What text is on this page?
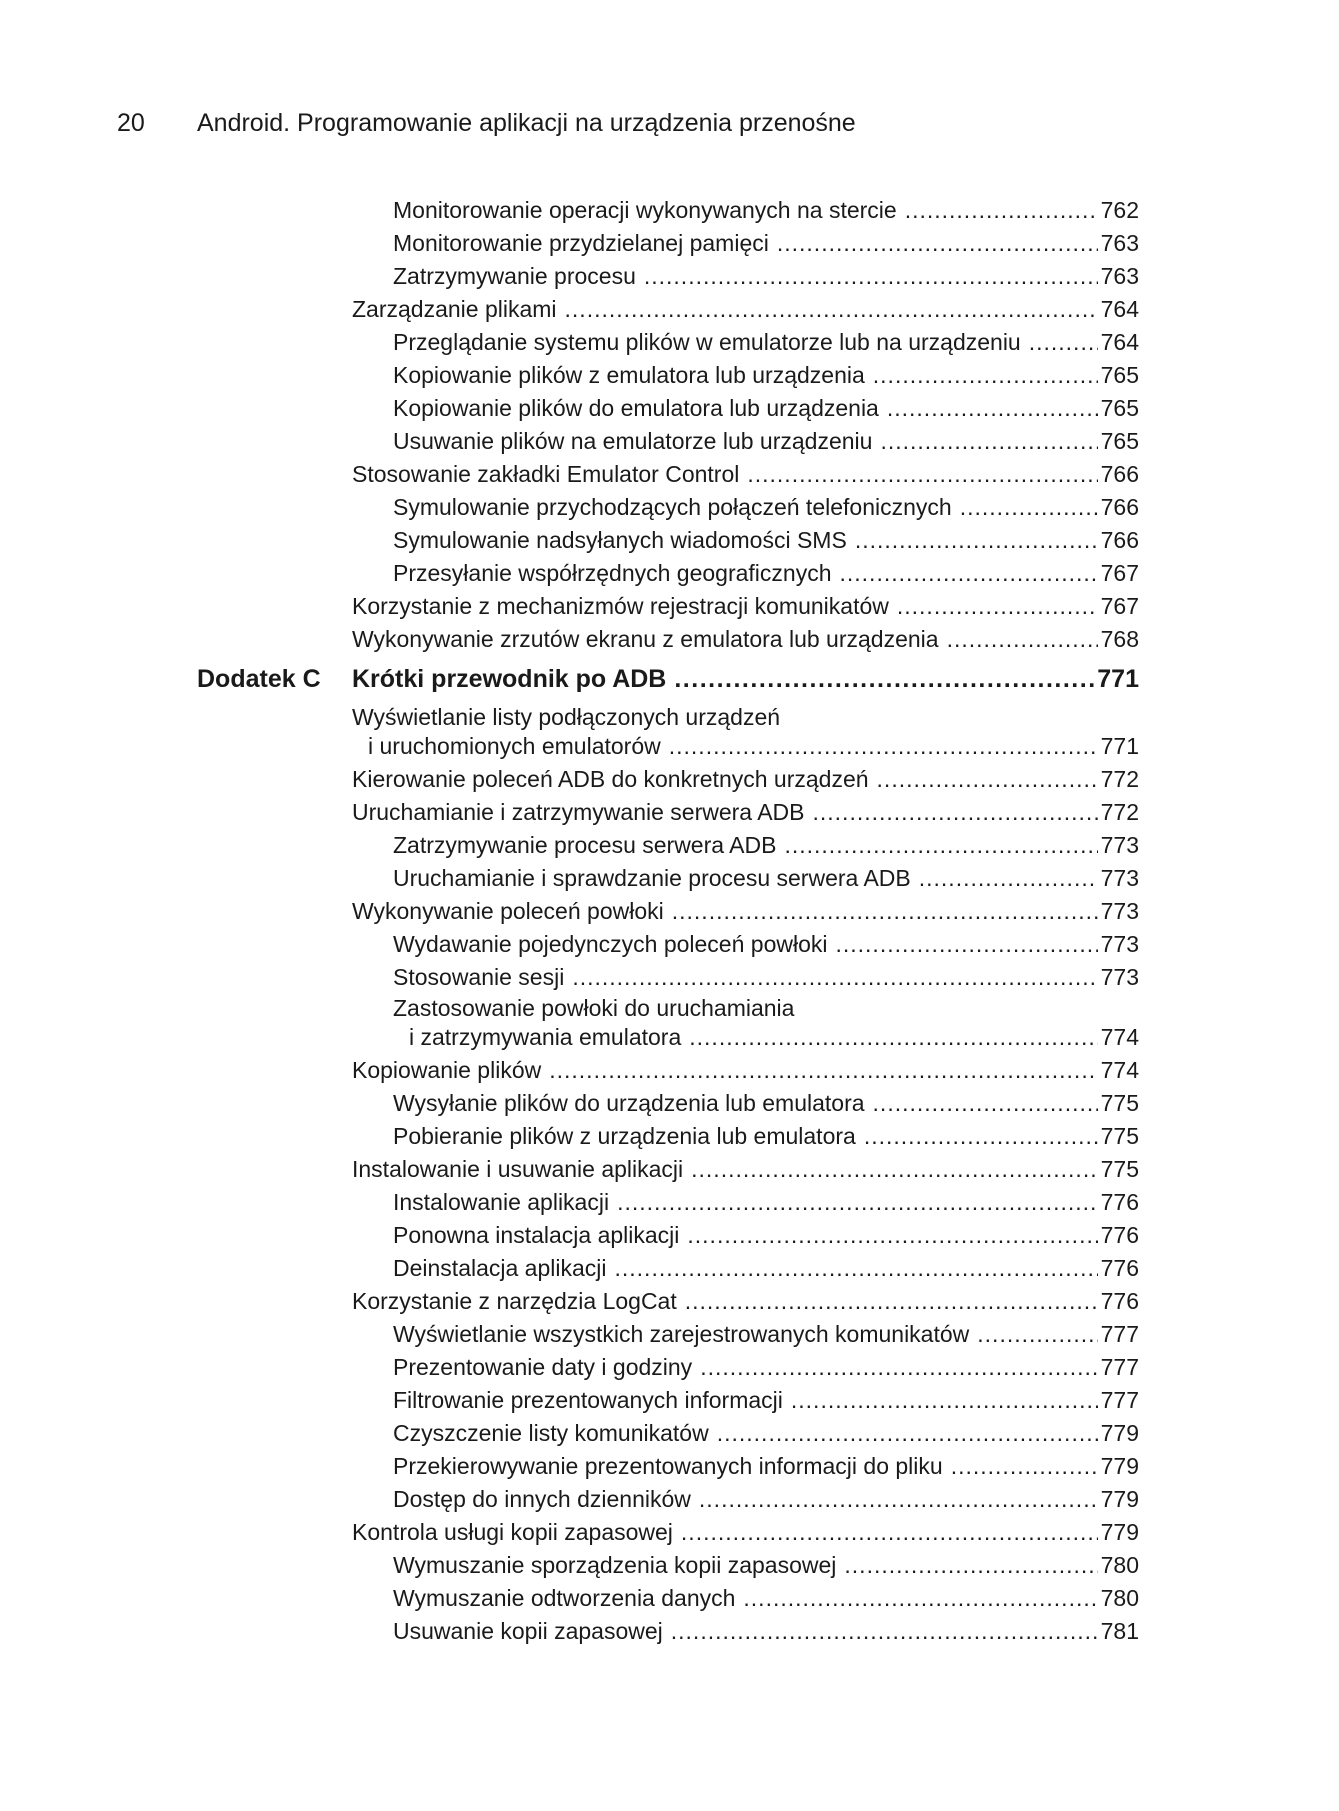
20 Android. Programowanie aplikacji na urządzenia przenośne
Monitorowanie operacji wykonywanych na stercie .....	762
Monitorowanie przydzielanej pamięci .....	763
Zatrzymywanie procesu .....	763
Zarządzanie plikami .....	764
Przeglądanie systemu plików w emulatorze lub na urządzeniu .....	764
Kopiowanie plików z emulatora lub urządzenia .....	765
Kopiowanie plików do emulatora lub urządzenia .....	765
Usuwanie plików na emulatorze lub urządzeniu .....	765
Stosowanie zakładki Emulator Control .....	766
Symulowanie przychodzących połączeń telefonicznych .....	766
Symulowanie nadsyłanych wiadomości SMS .....	766
Przesyłanie współrzędnych geograficznych .....	767
Korzystanie z mechanizmów rejestracji komunikatów .....	767
Wykonywanie zrzutów ekranu z emulatora lub urządzenia .....	768
Dodatek C Krótki przewodnik po ADB .....	771
Wyświetlanie listy podłączonych urządzeń
i uruchomionych emulatorów .....	771
Kierowanie poleceń ADB do konkretnych urządzeń .....	772
Uruchamianie i zatrzymywanie serwera ADB .....	772
Zatrzymywanie procesu serwera ADB .....	773
Uruchamianie i sprawdzanie procesu serwera ADB .....	773
Wykonywanie poleceń powłoki .....	773
Wydawanie pojedynczych poleceń powłoki .....	773
Stosowanie sesji .....	773
Zastosowanie powłoki do uruchamiania
i zatrzymywania emulatora .....	774
Kopiowanie plików .....	774
Wysyłanie plików do urządzenia lub emulatora .....	775
Pobieranie plików z urządzenia lub emulatora .....	775
Instalowanie i usuwanie aplikacji .....	775
Instalowanie aplikacji .....	776
Ponowna instalacja aplikacji .....	776
Deinstalacja aplikacji .....	776
Korzystanie z narzędzia LogCat .....	776
Wyświetlanie wszystkich zarejestrowanych komunikatów .....	777
Prezentowanie daty i godziny .....	777
Filtrowanie prezentowanych informacji .....	777
Czyszczenie listy komunikatów .....	779
Przekierowywanie prezentowanych informacji do pliku .....	779
Dostęp do innych dzienników .....	779
Kontrola usługi kopii zapasowej .....	779
Wymuszanie sporządzenia kopii zapasowej .....	780
Wymuszanie odtworzenia danych .....	780
Usuwanie kopii zapasowej .....	781
